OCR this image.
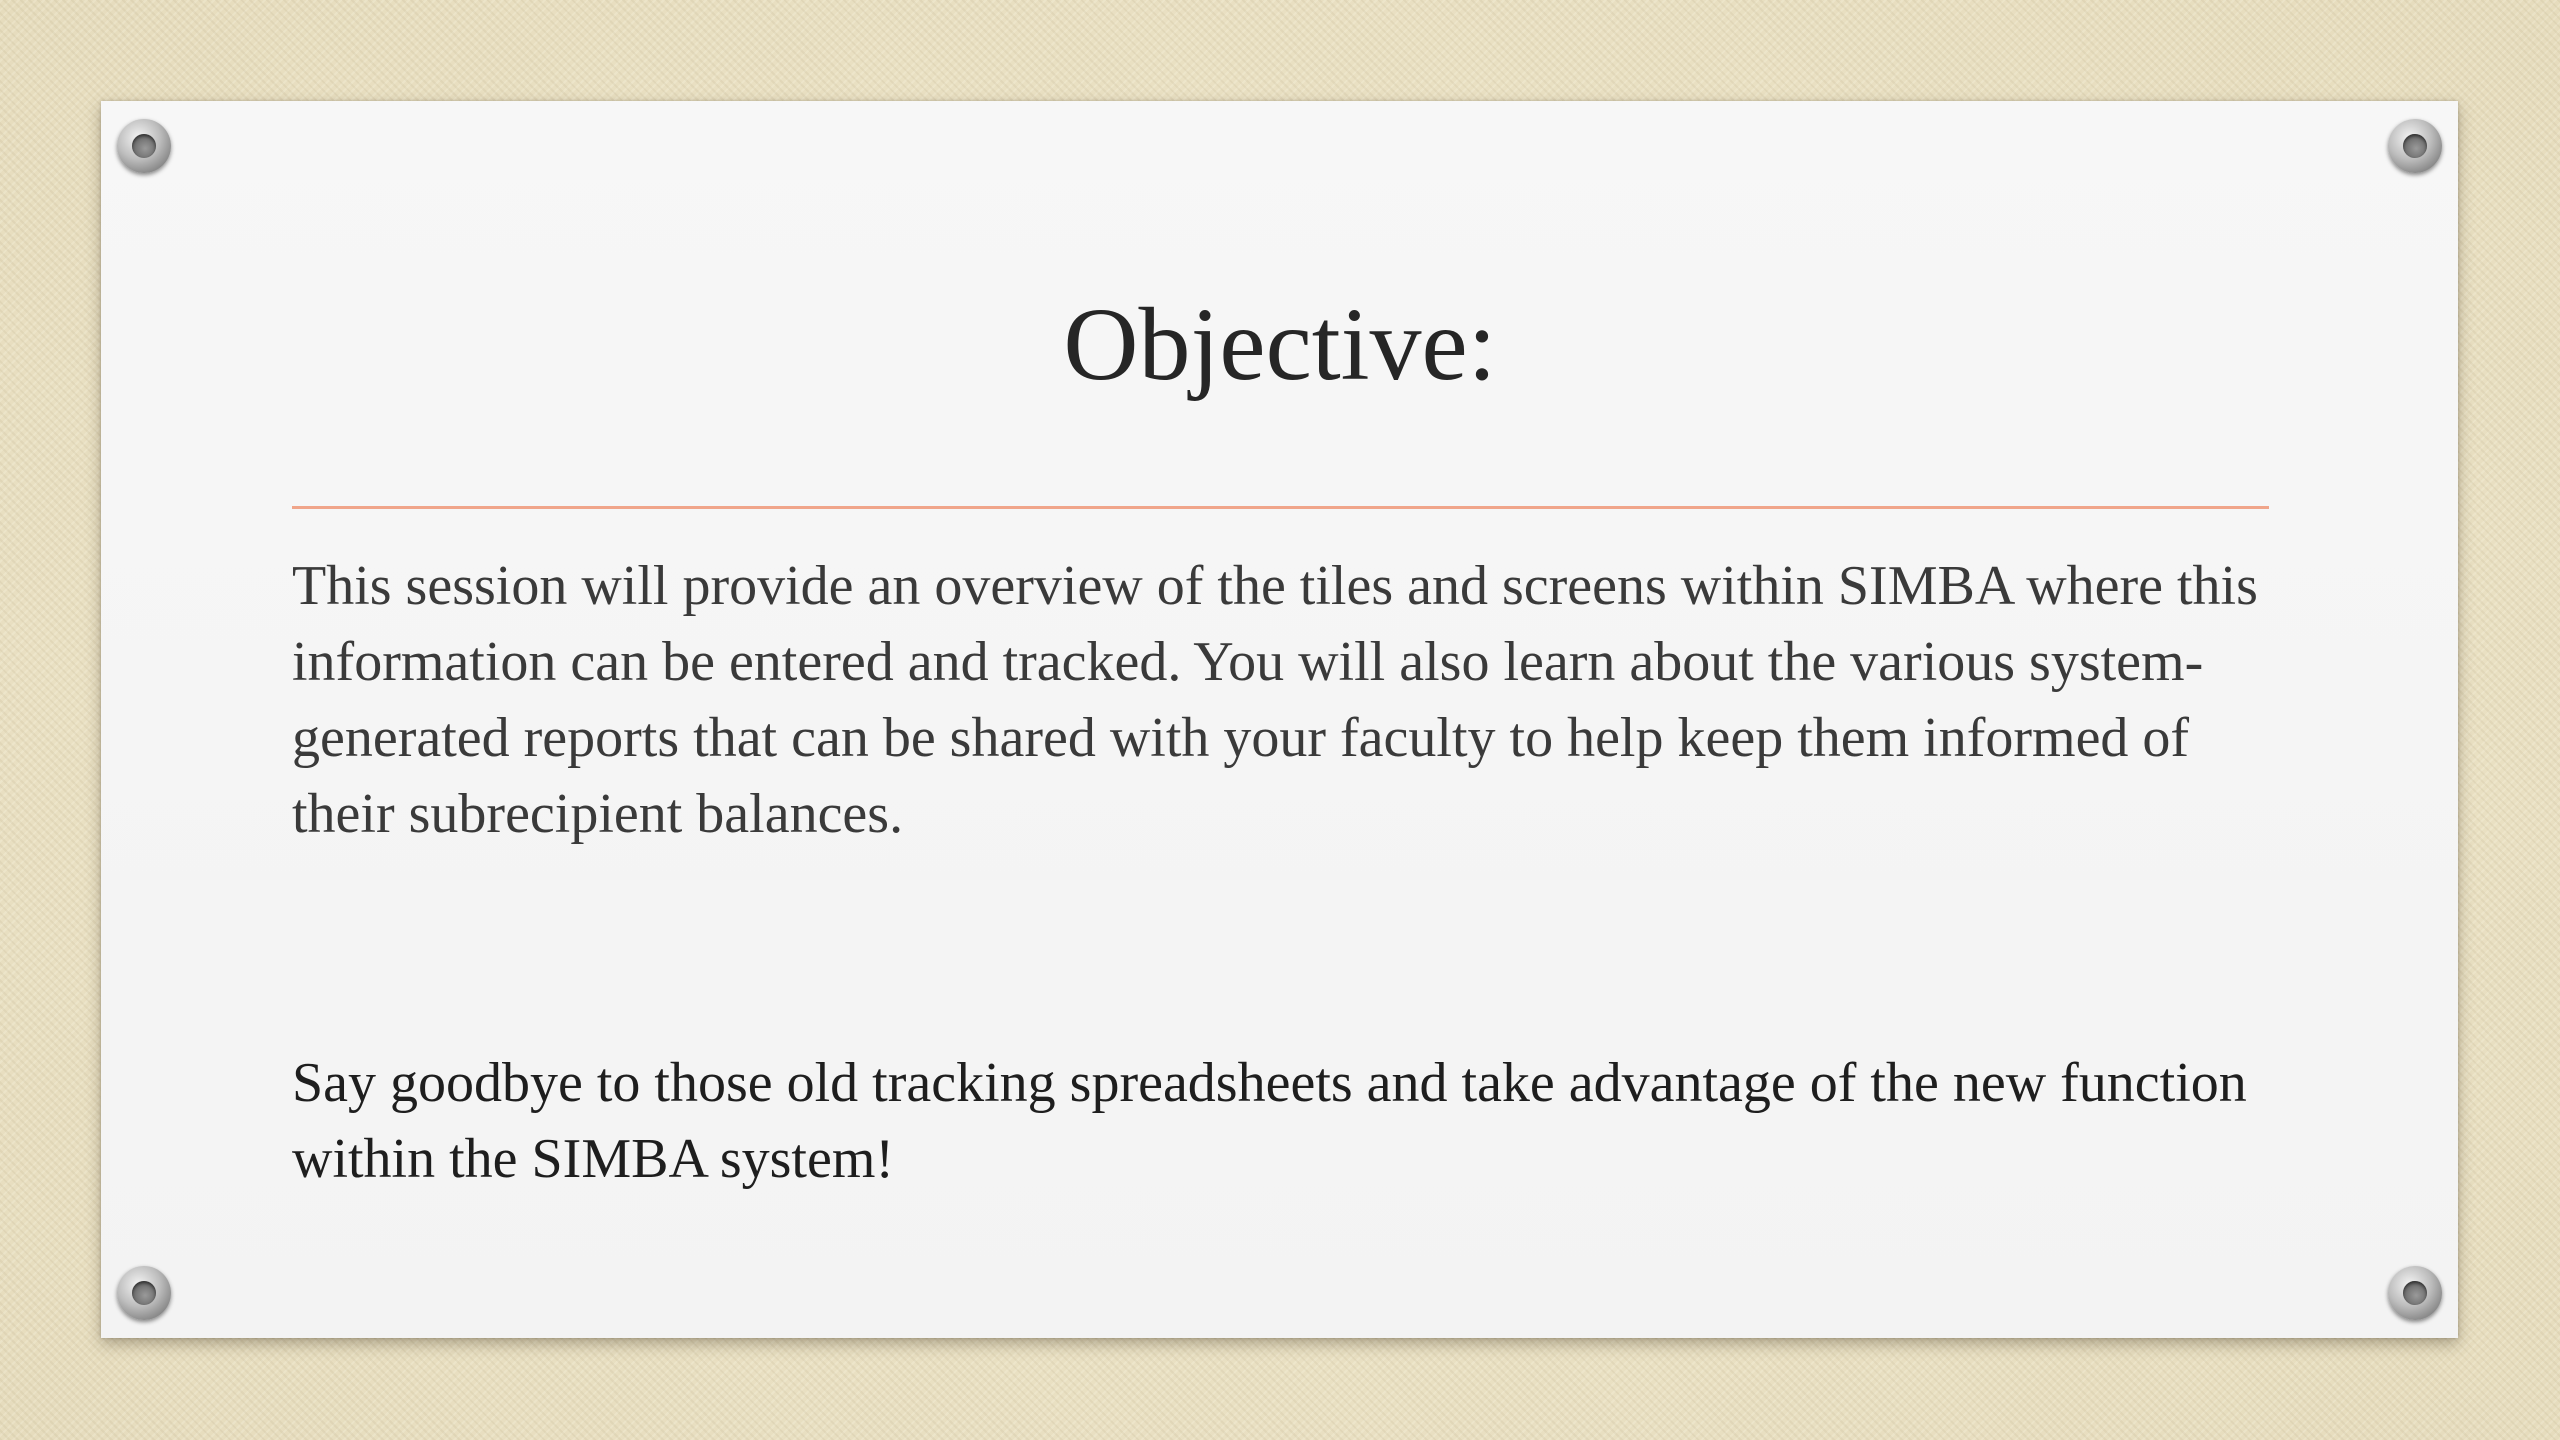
Objective:

This session will provide an overview of the tiles and screens within SIMBA where this information can be entered and tracked. You will also learn about the various system-generated reports that can be shared with your faculty to help keep them informed of their subrecipient balances.

Say goodbye to those old tracking spreadsheets and take advantage of the new function within the SIMBA system!
